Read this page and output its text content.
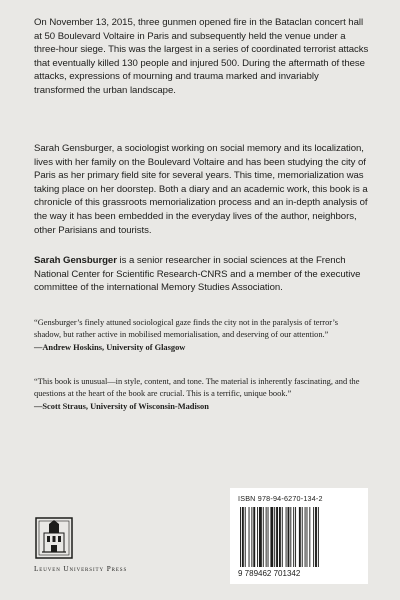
On November 13, 2015, three gunmen opened fire in the Bataclan concert hall at 50 Boulevard Voltaire in Paris and subsequently held the venue under a three-hour siege. This was the largest in a series of coordinated terrorist attacks that eventually killed 130 people and injured 500. During the aftermath of these attacks, expressions of mourning and trauma marked and invariably transformed the urban landscape.

Sarah Gensburger, a sociologist working on social memory and its localization, lives with her family on the Boulevard Voltaire and has been studying the city of Paris as her primary field site for several years. This time, memorialization was taking place on her doorstep. Both a diary and an academic work, this book is a chronicle of this grassroots memorialization process and an in-depth analysis of the way it has been embedded in the everyday lives of the author, neighbors, other Parisians and tourists.

Sarah Gensburger is a senior researcher in social sciences at the French National Center for Scientific Research-CNRS and a member of the executive committee of the international Memory Studies Association.

“Gensburger’s finely attuned sociological gaze finds the city not in the paralysis of terror’s shadow, but rather active in mobilised memorialisation, and deserving of our attention.”

—Andrew Hoskins, University of Glasgow

“This book is unusual—in style, content, and tone. The material is inherently fascinating, and the questions at the heart of the book are crucial. This is a terrific, unique book.”

—Scott Straus, University of Wisconsin-Madison

Leuven University Press
ISBN 978-94-6270-134-2
9 789462 701342
